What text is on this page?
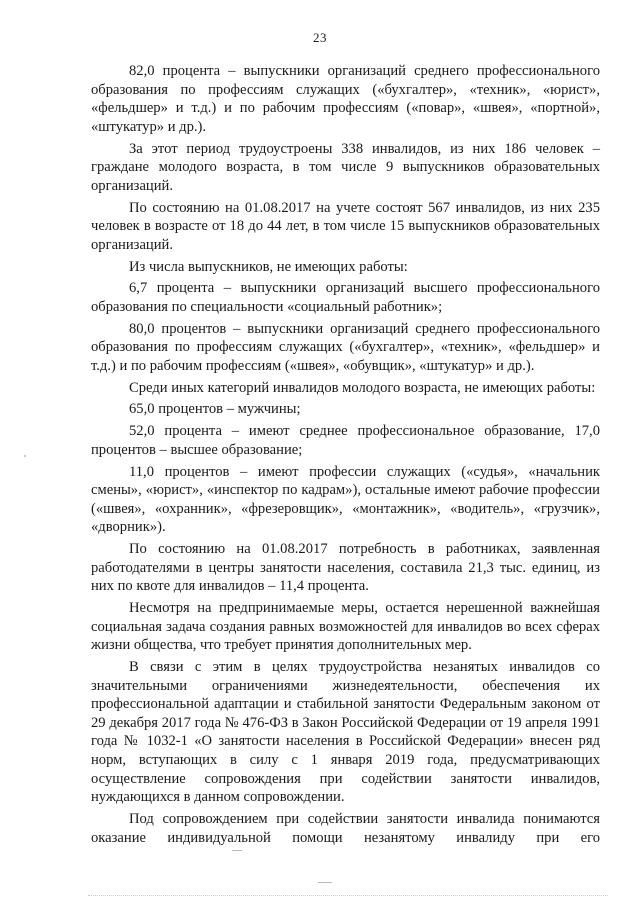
23

82,0 процента – выпускники организаций среднего профессионального образования по профессиям служащих («бухгалтер», «техник», «юрист», «фельдшер» и т.д.) и по рабочим профессиям («повар», «швея», «портной», «штукатур» и др.).

За этот период трудоустроены 338 инвалидов, из них 186 человек – граждане молодого возраста, в том числе 9 выпускников образовательных организаций.

По состоянию на 01.08.2017 на учете состоят 567 инвалидов, из них 235 человек в возрасте от 18 до 44 лет, в том числе 15 выпускников образовательных организаций.

Из числа выпускников, не имеющих работы:

6,7 процента – выпускники организаций высшего профессионального образования по специальности «социальный работник»;

80,0 процентов – выпускники организаций среднего профессионального образования по профессиям служащих («бухгалтер», «техник», «фельдшер» и т.д.) и по рабочим профессиям («швея», «обувщик», «штукатур» и др.).

Среди иных категорий инвалидов молодого возраста, не имеющих работы:

65,0 процентов – мужчины;

52,0 процента – имеют среднее профессиональное образование, 17,0 процентов – высшее образование;

11,0 процентов – имеют профессии служащих («судья», «начальник смены», «юрист», «инспектор по кадрам»), остальные имеют рабочие профессии («швея», «охранник», «фрезеровщик», «монтажник», «водитель», «грузчик», «дворник»).

По состоянию на 01.08.2017 потребность в работниках, заявленная работодателями в центры занятости населения, составила 21,3 тыс. единиц, из них по квоте для инвалидов – 11,4 процента.

Несмотря на предпринимаемые меры, остается нерешенной важнейшая социальная задача создания равных возможностей для инвалидов во всех сферах жизни общества, что требует принятия дополнительных мер.

В связи с этим в целях трудоустройства незанятых инвалидов со значительными ограничениями жизнедеятельности, обеспечения их профессиональной адаптации и стабильной занятости Федеральным законом от 29 декабря 2017 года № 476-ФЗ в Закон Российской Федерации от 19 апреля 1991 года № 1032-1 «О занятости населения в Российской Федерации» внесен ряд норм, вступающих в силу с 1 января 2019 года, предусматривающих осуществление сопровождения при содействии занятости инвалидов, нуждающихся в данном сопровождении.

Под сопровождением при содействии занятости инвалида понимаются оказание индивидуальной помощи незанятому инвалиду при его
